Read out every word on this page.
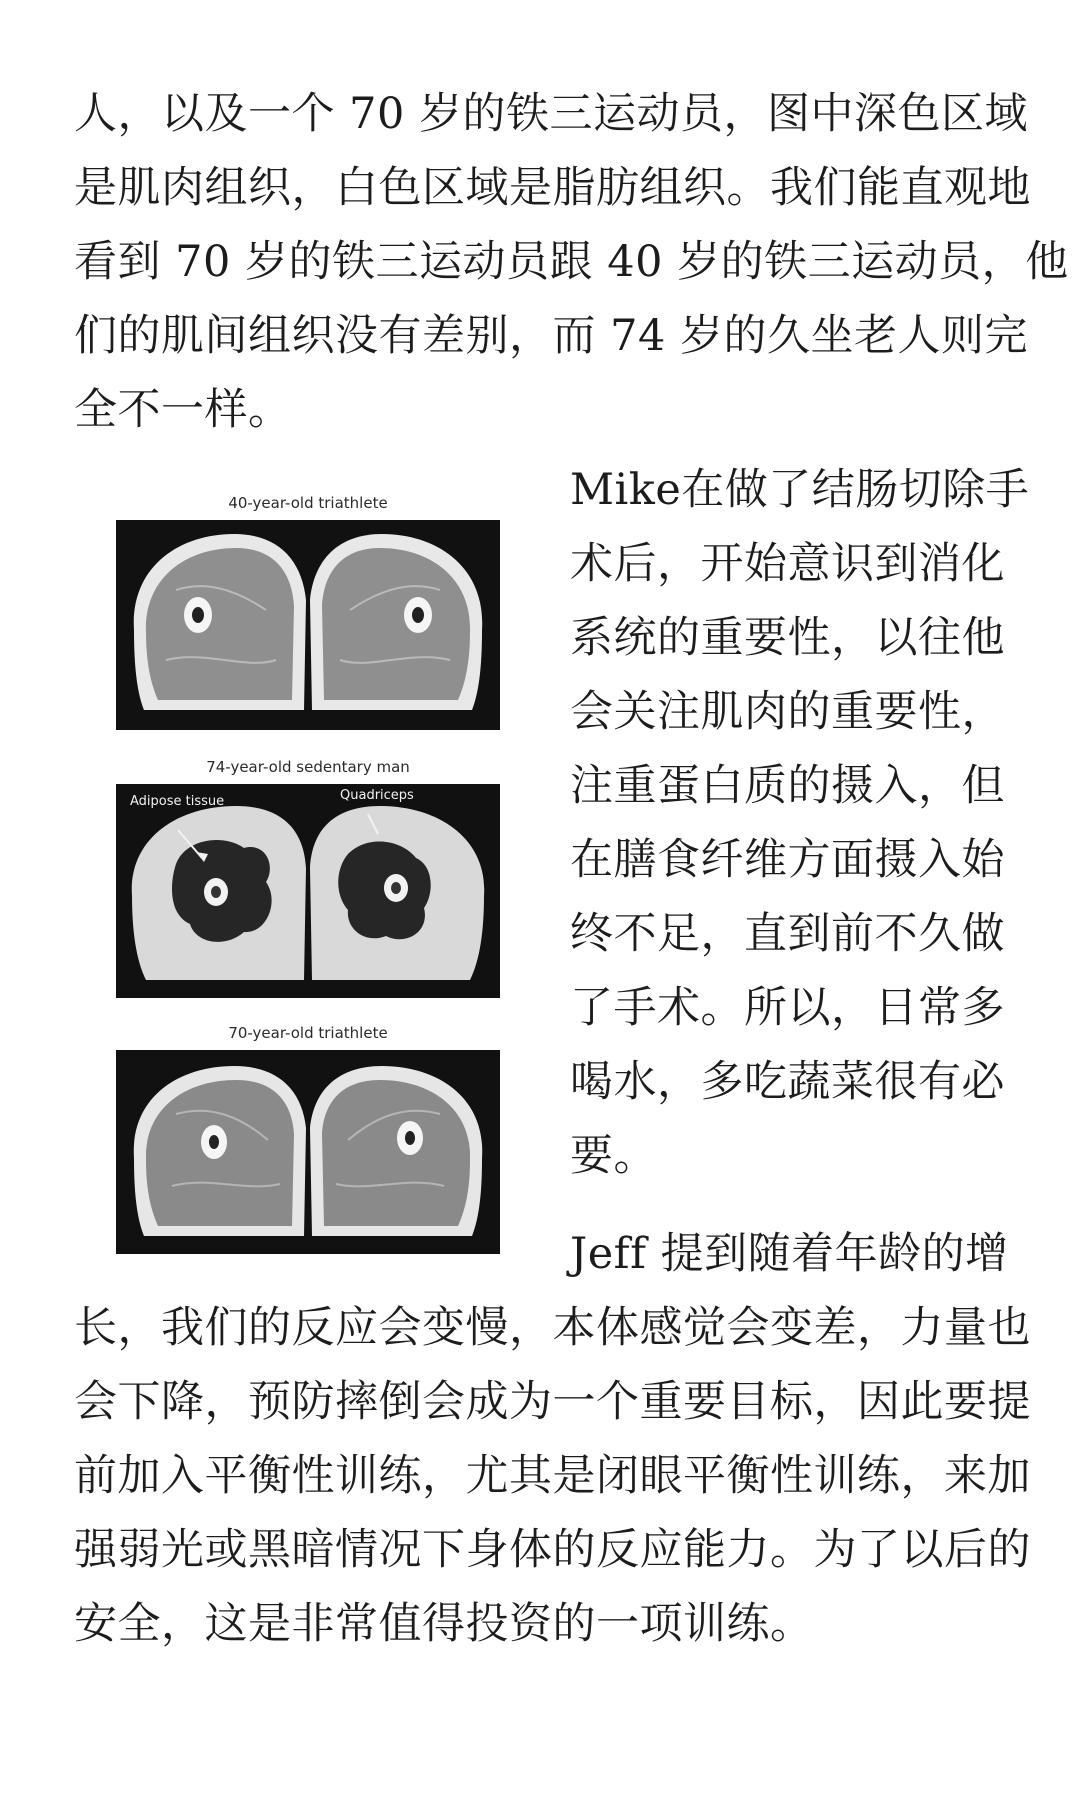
人，以及一个 70 岁的铁三运动员，图中深色区域
是肌肉组织，白色区域是脂肪组织。我们能直观地
看到 70 岁的铁三运动员跟 40 岁的铁三运动员，他
们的肌间组织没有差别，而 74 岁的久坐老人则完
全不一样。
40-year-old triathlete
74-year-old sedentary man
Adipose tissue	Quadriceps
70-year-old triathlete
Mike在做了结肠切除手
术后，开始意识到消化
系统的重要性，以往他
会关注肌肉的重要性，
注重蛋白质的摄入，但
在膳食纤维方面摄入始
终不足，直到前不久做
了手术。所以，日常多
喝水，多吃蔬菜很有必
要。
Jeff 提到随着年龄的增
长，我们的反应会变慢，本体感觉会变差，力量也
会下降，预防摔倒会成为一个重要目标，因此要提
前加入平衡性训练，尤其是闭眼平衡性训练，来加
强弱光或黑暗情况下身体的反应能力。为了以后的
安全，这是非常值得投资的一项训练。
